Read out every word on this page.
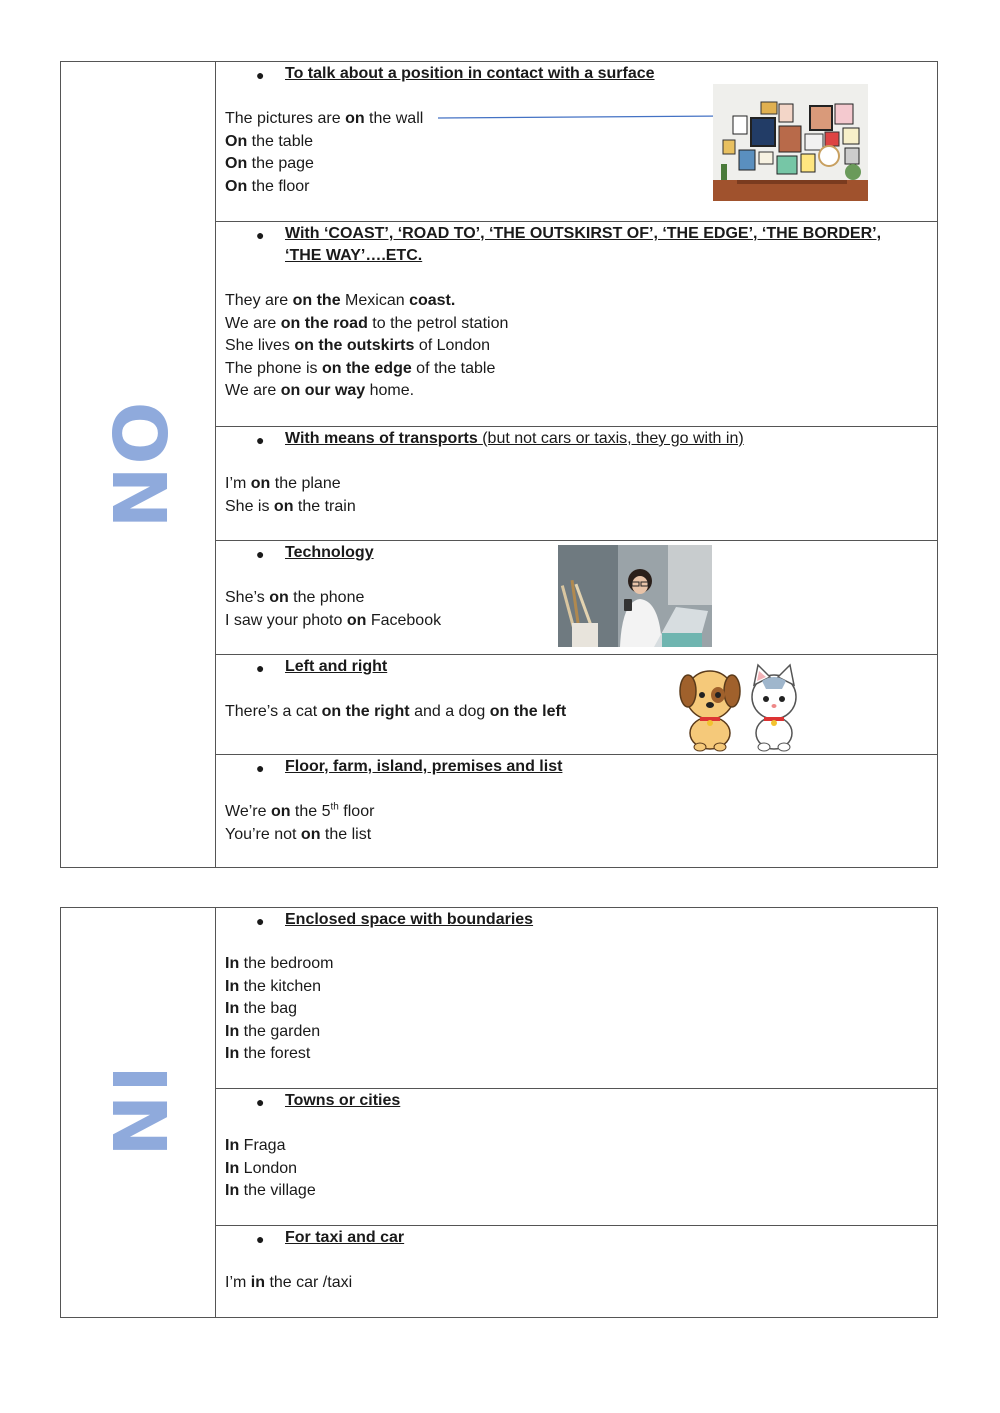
ON
● To talk about a position in contact with a surface
The pictures are on the wall
On the table
On the page
On the floor
● With ‘COAST’, ‘ROAD TO’, ‘THE OUTSKIRST OF’, ‘THE EDGE’, ‘THE BORDER’, ‘THE WAY’….ETC.
They are on the Mexican coast.
We are on the road to the petrol station
She lives on the outskirts of London
The phone is on the edge of the table
We are on our way home.
● With means of transports (but not cars or taxis, they go with in)
I’m on the plane
She is on the train
● Technology
She’s on the phone
I saw your photo on Facebook
● Left and right
There’s a cat on the right and a dog on the left
● Floor, farm, island, premises and list
We’re on the 5th floor
You’re not on the list
IN
● Enclosed space with boundaries
In the bedroom
In the kitchen
In the bag
In the garden
In the forest
● Towns or cities
In Fraga
In London
In the village
● For taxi and car
I’m in the car /taxi
